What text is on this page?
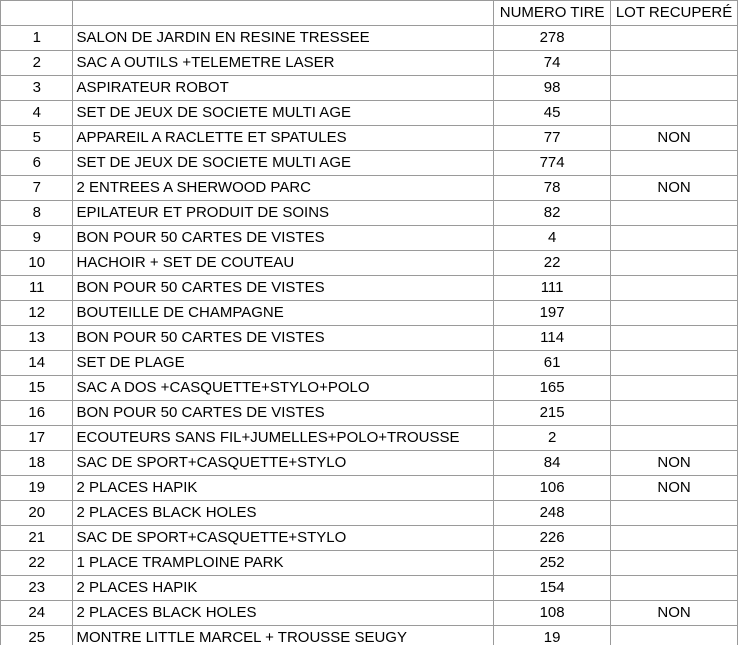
		NUMERO TIRE	LOT RECUPERÉ
1	SALON DE JARDIN EN RESINE TRESSEE	278	
2	SAC A OUTILS +TELEMETRE LASER	74	
3	ASPIRATEUR ROBOT	98	
4	SET DE JEUX DE SOCIETE MULTI AGE	45	
5	APPAREIL A RACLETTE ET SPATULES	77	NON
6	SET DE JEUX DE SOCIETE MULTI AGE	774	
7	2 ENTREES A SHERWOOD PARC	78	NON
8	EPILATEUR ET PRODUIT DE SOINS	82	
9	BON POUR 50 CARTES DE VISTES	4	
10	HACHOIR + SET DE COUTEAU	22	
11	BON POUR 50 CARTES DE VISTES	111	
12	BOUTEILLE DE CHAMPAGNE	197	
13	BON POUR 50 CARTES DE VISTES	114	
14	SET DE PLAGE	61	
15	SAC A DOS +CASQUETTE+STYLO+POLO	165	
16	BON POUR 50 CARTES DE VISTES	215	
17	ECOUTEURS SANS FIL+JUMELLES+POLO+TROUSSE	2	
18	SAC DE SPORT+CASQUETTE+STYLO	84	NON
19	2 PLACES HAPIK	106	NON
20	2 PLACES BLACK HOLES	248	
21	SAC DE SPORT+CASQUETTE+STYLO	226	
22	1 PLACE TRAMPLOINE PARK	252	
23	2 PLACES HAPIK	154	
24	2 PLACES BLACK HOLES	108	NON
25	MONTRE LITTLE MARCEL + TROUSSE SEUGY	19	
